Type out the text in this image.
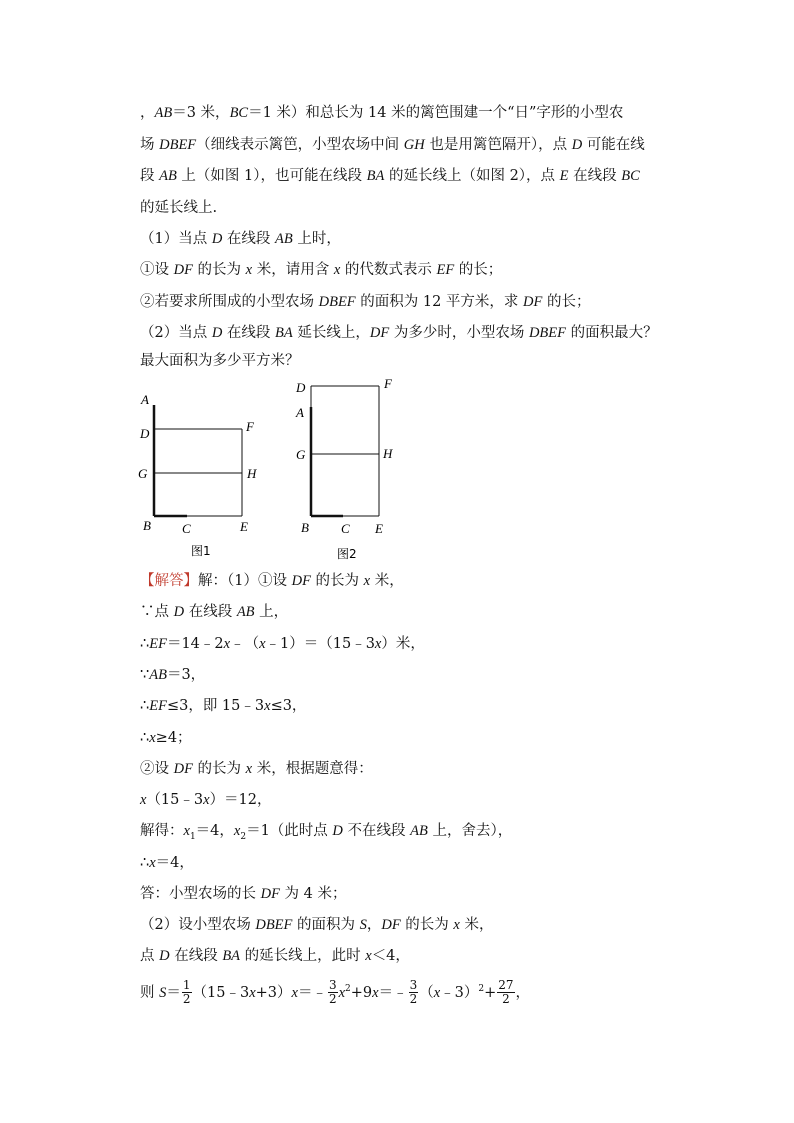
，AB＝3 米，BC＝1 米）和总长为 14 米的篱笆围建一个“日”字形的小型农
场 DBEF（细线表示篱笆，小型农场中间 GH 也是用篱笆隔开），点 D 可能在线
段 AB 上（如图 1），也可能在线段 BA 的延长线上（如图 2），点 E 在线段 BC
的延长线上.
（1）当点 D 在线段 AB 上时，
①设 DF 的长为 x 米，请用含 x 的代数式表示 EF 的长；
②若要求所围成的小型农场 DBEF 的面积为 12 平方米，求 DF 的长；
（2）当点 D 在线段 BA 延长线上，DF 为多少时，小型农场 DBEF 的面积最大？
最大面积为多少平方米？
A
D	F
G	H
B C	E
图1
D	F
A
G	H
B C E
图2
【解答】解：（1）①设 DF 的长为 x 米，
∵点 D 在线段 AB 上，
∴EF＝14﹣2x﹣（x﹣1）＝（15﹣3x）米，
∵AB＝3，
∴EF≤3，即 15﹣3x≤3，
∴x≥4；
②设 DF 的长为 x 米，根据题意得：
x（15﹣3x）＝12，
解得：$x_1=4$，$x_2=1$（此时点 D 不在线段 AB 上，舍去），
∴x＝4，
答：小型农场的长 DF 为 4 米；
（2）设小型农场 DBEF 的面积为 S，DF 的长为 x 米，
点 D 在线段 BA 的延长线上，此时 x＜4，
则 $S= \frac{1}{2}$ （15﹣3x+3）x＝﹣ $\frac{3}{2}$ $x^2+9x=﹣ \frac{3}{2}$ （x﹣3）$^2$+ $\frac{27}{2}$ ，
